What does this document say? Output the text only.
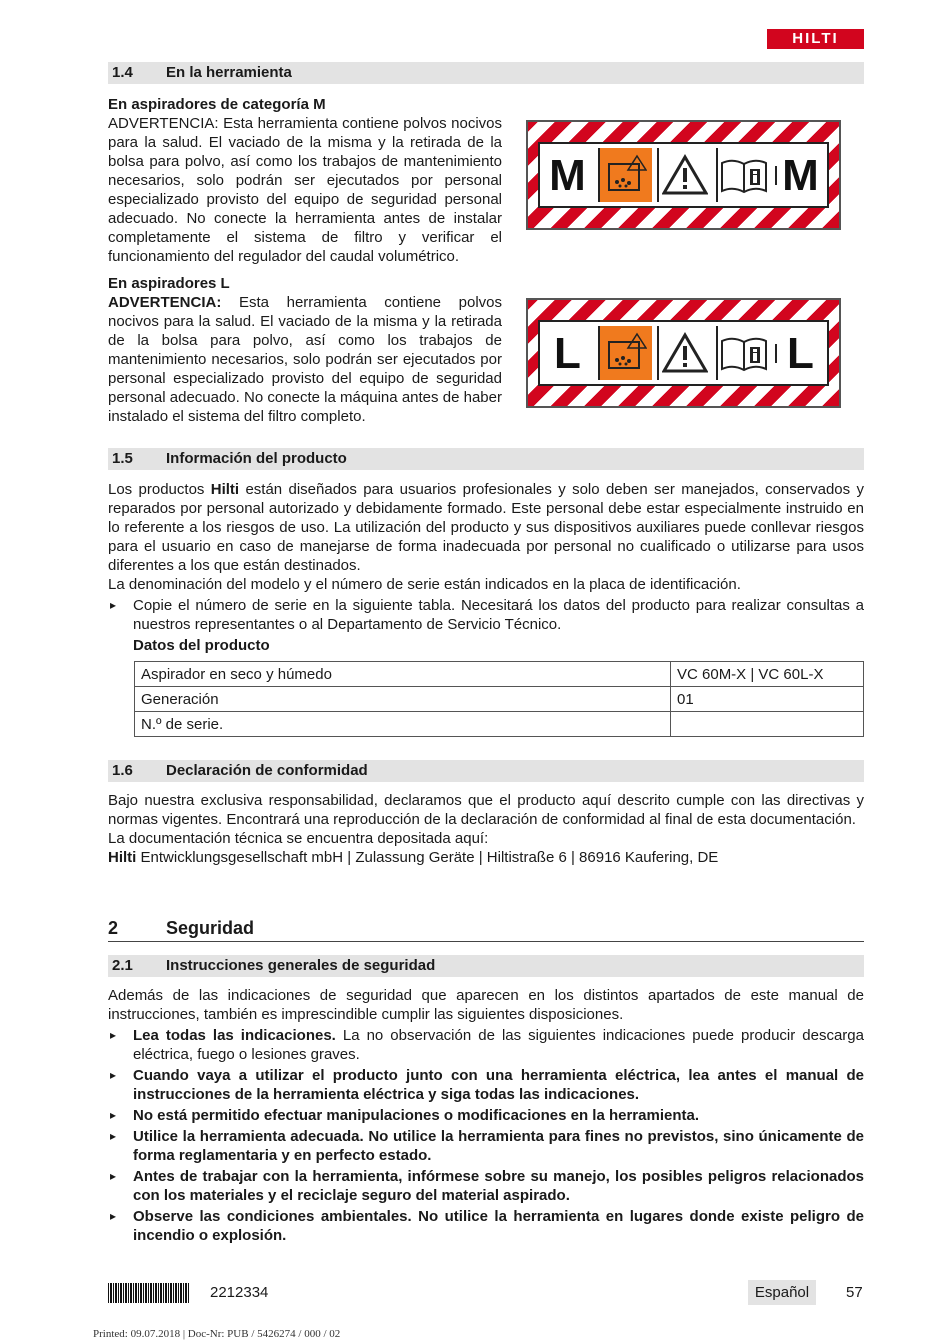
HILTI
1.4 En la herramienta
En aspiradores de categoría M
ADVERTENCIA: Esta herramienta contiene polvos nocivos para la salud. El vaciado de la misma y la retirada de la bolsa para polvo, así como los trabajos de mantenimiento necesarios, solo podrán ser ejecutados por personal especializado provisto del equipo de seguridad personal adecuado. No conecte la herramienta antes de instalar completamente el sistema de filtro y verificar el funcionamiento del regulador del caudal volumétrico.
En aspiradores L
ADVERTENCIA: Esta herramienta contiene polvos nocivos para la salud. El vaciado de la misma y la retirada de la bolsa para polvo, así como los trabajos de mantenimiento necesarios, solo podrán ser ejecutados por personal especializado provisto del equipo de seguridad personal adecuado. No conecte la máquina antes de haber instalado el sistema del filtro completo.
M	M
L	L
1.5 Información del producto
Los productos Hilti están diseñados para usuarios profesionales y solo deben ser manejados, conservados y reparados por personal autorizado y debidamente formado. Este personal debe estar especialmente instruido en lo referente a los riesgos de uso. La utilización del producto y sus dispositivos auxiliares puede conllevar riesgos para el usuario en caso de manejarse de forma inadecuada por personal no cualificado o utilizarse para usos diferentes a los que están destinados.
La denominación del modelo y el número de serie están indicados en la placa de identificación.
▸ Copie el número de serie en la siguiente tabla. Necesitará los datos del producto para realizar consultas a nuestros representantes o al Departamento de Servicio Técnico.
Datos del producto
Aspirador en seco y húmedo	VC 60M-X | VC 60L-X
Generación	01
N.º de serie.	
1.6 Declaración de conformidad
Bajo nuestra exclusiva responsabilidad, declaramos que el producto aquí descrito cumple con las directivas y normas vigentes. Encontrará una reproducción de la declaración de conformidad al final de esta documentación.
La documentación técnica se encuentra depositada aquí:
Hilti Entwicklungsgesellschaft mbH | Zulassung Geräte | Hiltistraße 6 | 86916 Kaufering, DE
2	Seguridad
2.1 Instrucciones generales de seguridad
Además de las indicaciones de seguridad que aparecen en los distintos apartados de este manual de instrucciones, también es imprescindible cumplir las siguientes disposiciones.
▸ Lea todas las indicaciones. La no observación de las siguientes indicaciones puede producir descarga eléctrica, fuego o lesiones graves.
▸ Cuando vaya a utilizar el producto junto con una herramienta eléctrica, lea antes el manual de instrucciones de la herramienta eléctrica y siga todas las indicaciones.
▸ No está permitido efectuar manipulaciones o modificaciones en la herramienta.
▸ Utilice la herramienta adecuada. No utilice la herramienta para fines no previstos, sino únicamente de forma reglamentaria y en perfecto estado.
▸ Antes de trabajar con la herramienta, infórmese sobre su manejo, los posibles peligros relacionados con los materiales y el reciclaje seguro del material aspirado.
▸ Observe las condiciones ambientales. No utilice la herramienta en lugares donde existe peligro de incendio o explosión.
2212334	Español	57
Printed: 09.07.2018 | Doc-Nr: PUB / 5426274 / 000 / 02
